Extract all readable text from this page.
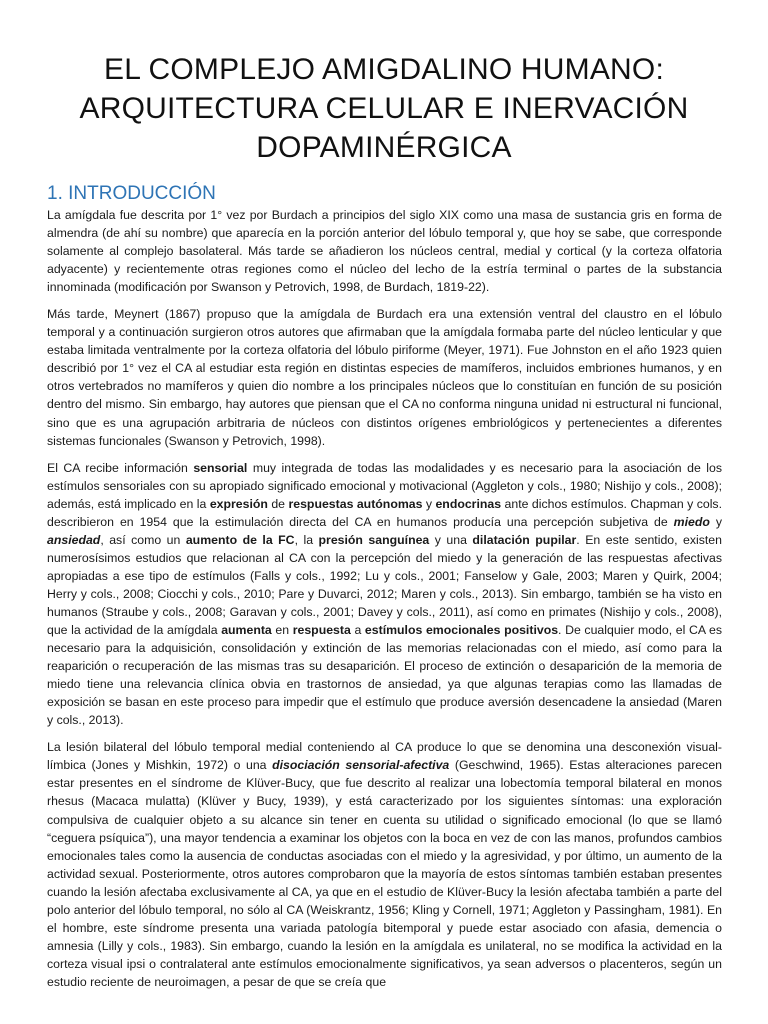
EL COMPLEJO AMIGDALINO HUMANO: ARQUITECTURA CELULAR E INERVACIÓN DOPAMINÉRGICA
1. INTRODUCCIÓN

La amígdala fue descrita por 1° vez por Burdach a principios del siglo XIX como una masa de sustancia gris en forma de almendra (de ahí su nombre) que aparecía en la porción anterior del lóbulo temporal y, que hoy se sabe, que corresponde solamente al complejo basolateral. Más tarde se añadieron los núcleos central, medial y cortical (y la corteza olfatoria adyacente) y recientemente otras regiones como el núcleo del lecho de la estría terminal o partes de la substancia innominada (modificación por Swanson y Petrovich, 1998, de Burdach, 1819-22).

Más tarde, Meynert (1867) propuso que la amígdala de Burdach era una extensión ventral del claustro en el lóbulo temporal y a continuación surgieron otros autores que afirmaban que la amígdala formaba parte del núcleo lenticular y que estaba limitada ventralmente por la corteza olfatoria del lóbulo piriforme (Meyer, 1971). Fue Johnston en el año 1923 quien describió por 1° vez el CA al estudiar esta región en distintas especies de mamíferos, incluidos embriones humanos, y en otros vertebrados no mamíferos y quien dio nombre a los principales núcleos que lo constituían en función de su posición dentro del mismo. Sin embargo, hay autores que piensan que el CA no conforma ninguna unidad ni estructural ni funcional, sino que es una agrupación arbitraria de núcleos con distintos orígenes embriológicos y pertenecientes a diferentes sistemas funcionales (Swanson y Petrovich, 1998).

El CA recibe información sensorial muy integrada de todas las modalidades y es necesario para la asociación de los estímulos sensoriales con su apropiado significado emocional y motivacional (Aggleton y cols., 1980; Nishijo y cols., 2008); además, está implicado en la expresión de respuestas autónomas y endocrinas ante dichos estímulos. Chapman y cols. describieron en 1954 que la estimulación directa del CA en humanos producía una percepción subjetiva de miedo y ansiedad, así como un aumento de la FC, la presión sanguínea y una dilatación pupilar. En este sentido, existen numerosísimos estudios que relacionan al CA con la percepción del miedo y la generación de las respuestas afectivas apropiadas a ese tipo de estímulos (Falls y cols., 1992; Lu y cols., 2001; Fanselow y Gale, 2003; Maren y Quirk, 2004; Herry y cols., 2008; Ciocchi y cols., 2010; Pare y Duvarci, 2012; Maren y cols., 2013). Sin embargo, también se ha visto en humanos (Straube y cols., 2008; Garavan y cols., 2001; Davey y cols., 2011), así como en primates (Nishijo y cols., 2008), que la actividad de la amígdala aumenta en respuesta a estímulos emocionales positivos. De cualquier modo, el CA es necesario para la adquisición, consolidación y extinción de las memorias relacionadas con el miedo, así como para la reaparición o recuperación de las mismas tras su desaparición. El proceso de extinción o desaparición de la memoria de miedo tiene una relevancia clínica obvia en trastornos de ansiedad, ya que algunas terapias como las llamadas de exposición se basan en este proceso para impedir que el estímulo que produce aversión desencadene la ansiedad (Maren y cols., 2013).

La lesión bilateral del lóbulo temporal medial conteniendo al CA produce lo que se denomina una desconexión visual-límbica (Jones y Mishkin, 1972) o una disociación sensorial-afectiva (Geschwind, 1965). Estas alteraciones parecen estar presentes en el síndrome de Klüver-Bucy, que fue descrito al realizar una lobectomía temporal bilateral en monos rhesus (Macaca mulatta) (Klüver y Bucy, 1939), y está caracterizado por los siguientes síntomas: una exploración compulsiva de cualquier objeto a su alcance sin tener en cuenta su utilidad o significado emocional (lo que se llamó “ceguera psíquica”), una mayor tendencia a examinar los objetos con la boca en vez de con las manos, profundos cambios emocionales tales como la ausencia de conductas asociadas con el miedo y la agresividad, y por último, un aumento de la actividad sexual. Posteriormente, otros autores comprobaron que la mayoría de estos síntomas también estaban presentes cuando la lesión afectaba exclusivamente al CA, ya que en el estudio de Klüver-Bucy la lesión afectaba también a parte del polo anterior del lóbulo temporal, no sólo al CA (Weiskrantz, 1956; Kling y Cornell, 1971; Aggleton y Passingham, 1981). En el hombre, este síndrome presenta una variada patología bitemporal y puede estar asociado con afasia, demencia o amnesia (Lilly y cols., 1983). Sin embargo, cuando la lesión en la amígdala es unilateral, no se modifica la actividad en la corteza visual ipsi o contralateral ante estímulos emocionalmente significativos, ya sean adversos o placenteros, según un estudio reciente de neuroimagen, a pesar de que se creía que
